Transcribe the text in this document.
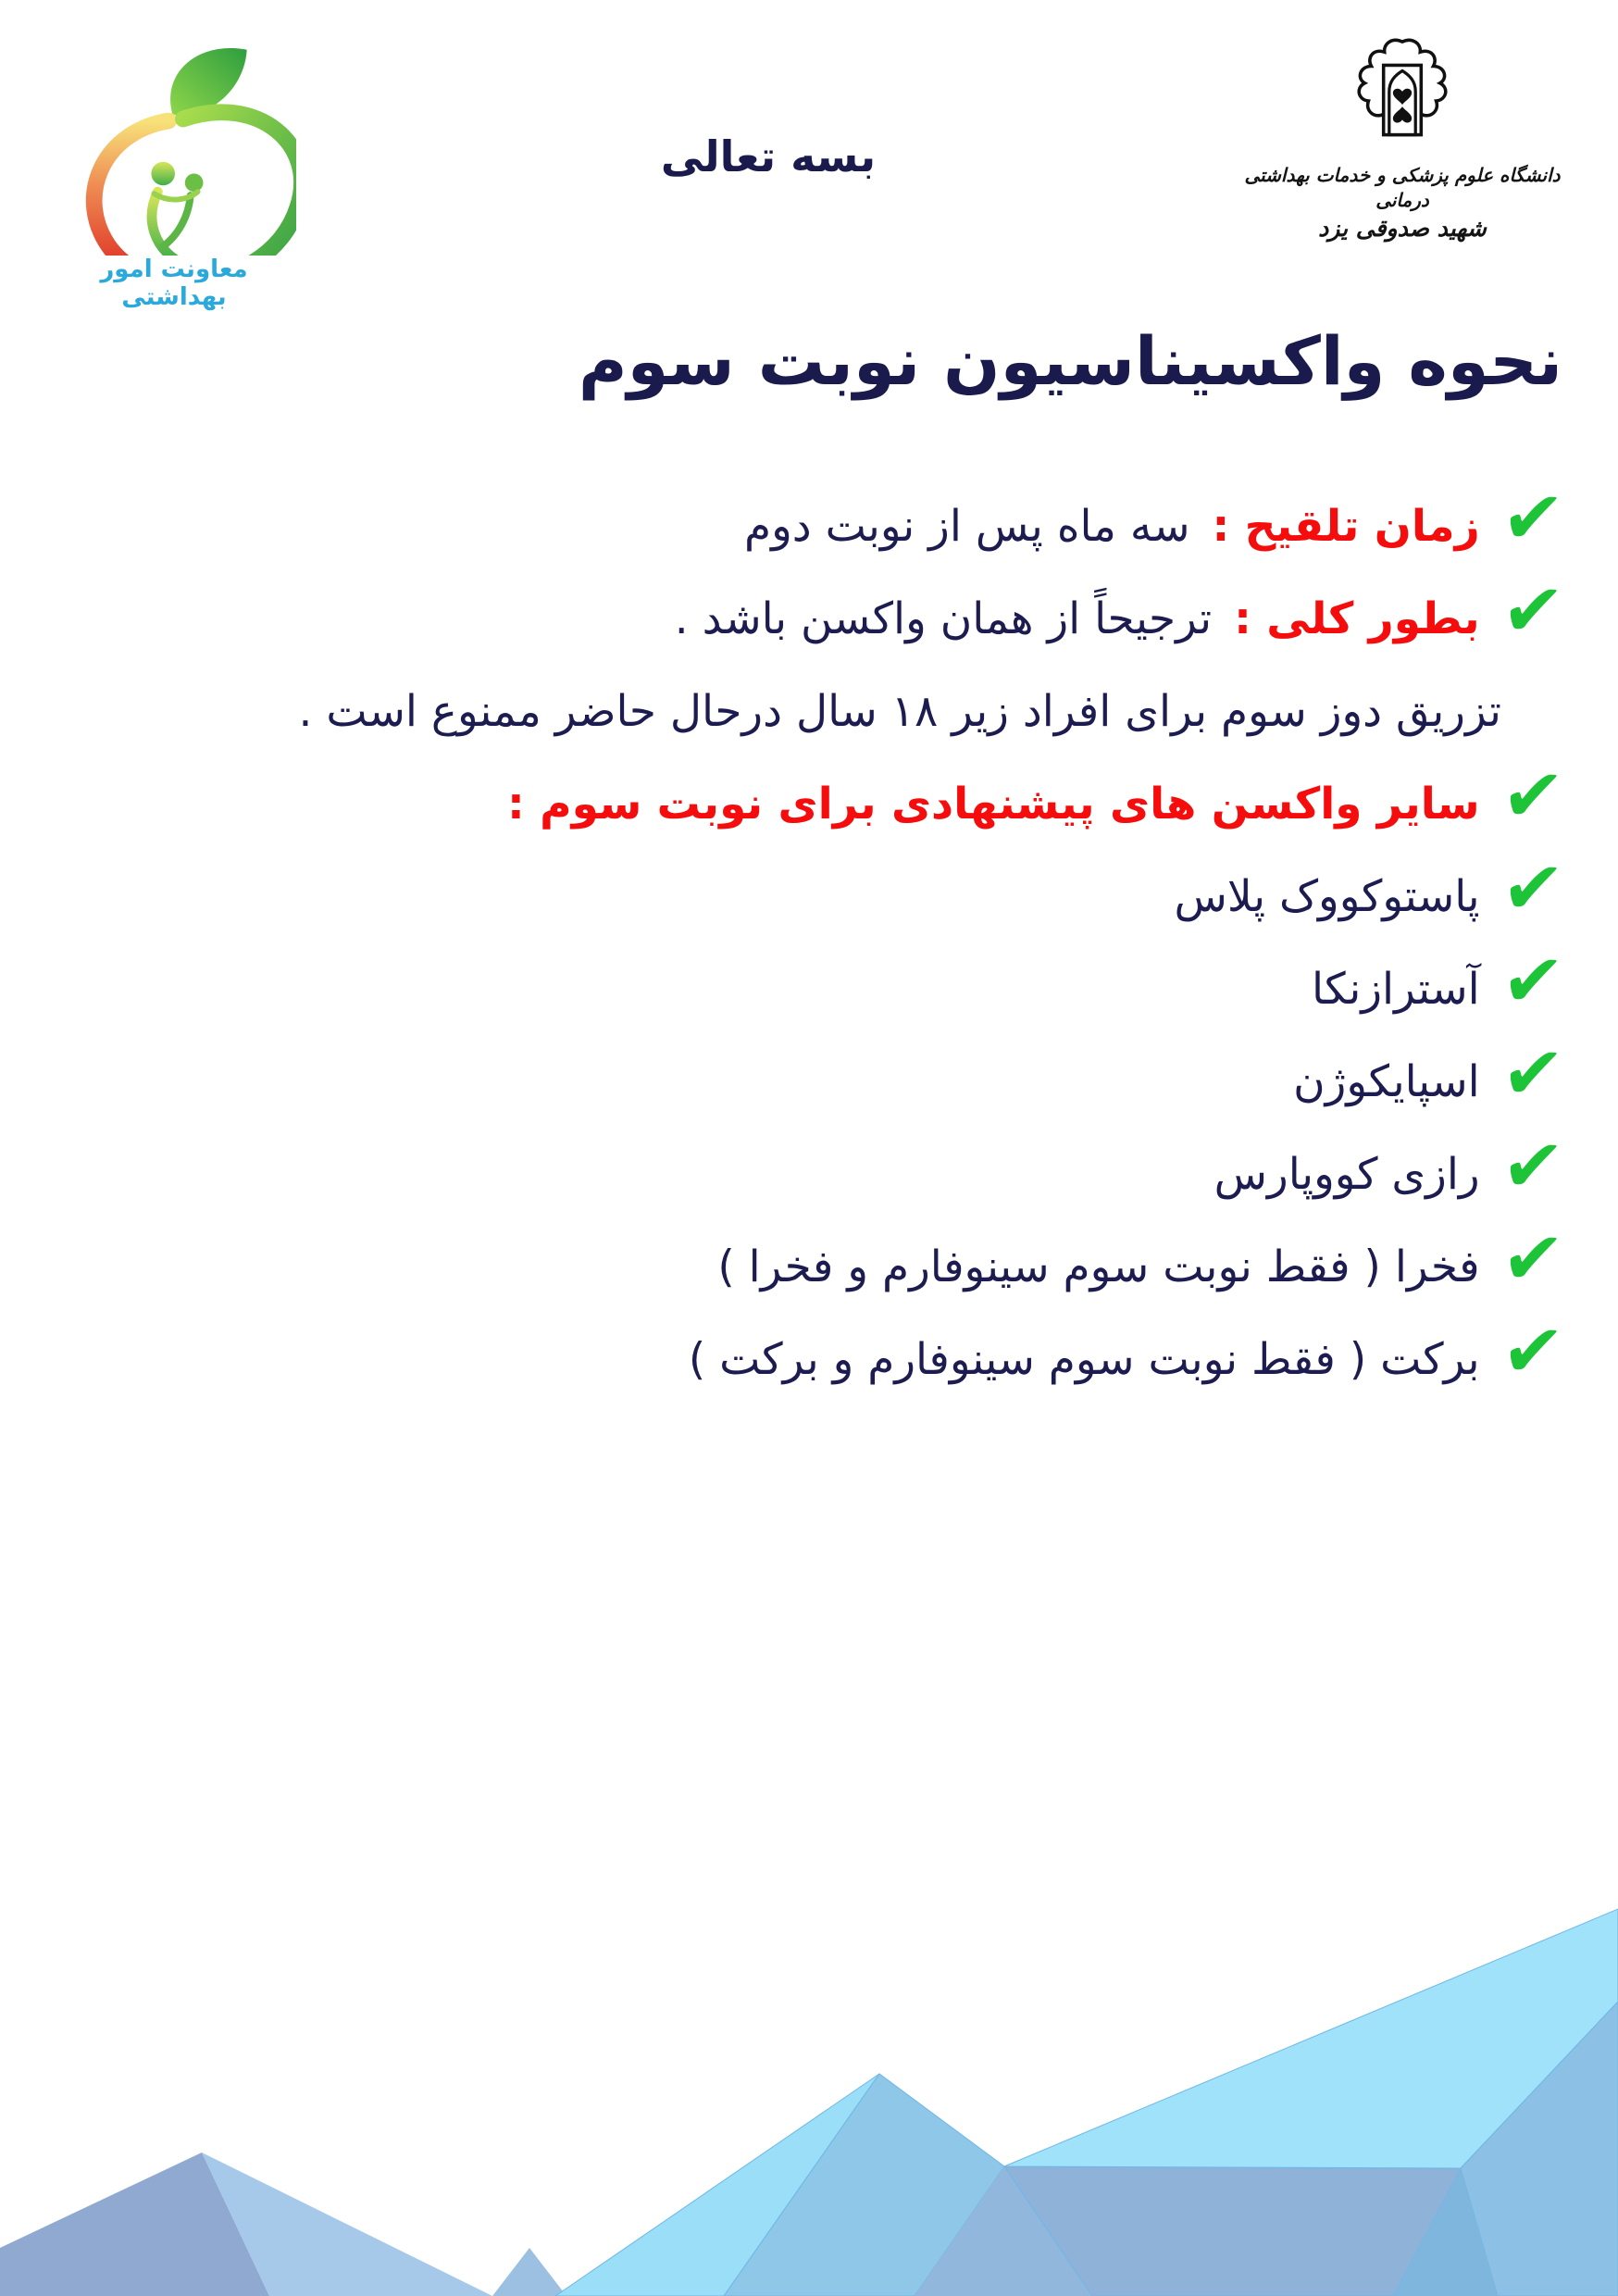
معاونت امور بهداشتی
بسه تعالی	دانشگاه علوم پزشکی و خدمات بهداشتی درمانی
شهید صدوقی یزد
نحوه واکسیناسیون نوبت سوم
✔
زمان تلقیح :
سه ماه پس از نوبت دوم
✔
بطور کلی :
ترجیحاً از همان واکسن باشد .
تزریق دوز سوم برای افراد زیر ۱۸ سال درحال حاضر ممنوع است .
✔
سایر واکسن های پیشنهادی برای نوبت سوم :
✔
پاستوکووک پلاس
✔
آسترازنکا
✔
اسپایکوژن
✔
رازی کووپارس
✔
فخرا ( فقط نوبت سوم سینوفارم و فخرا )
✔
برکت ( فقط نوبت سوم سینوفارم و برکت )
